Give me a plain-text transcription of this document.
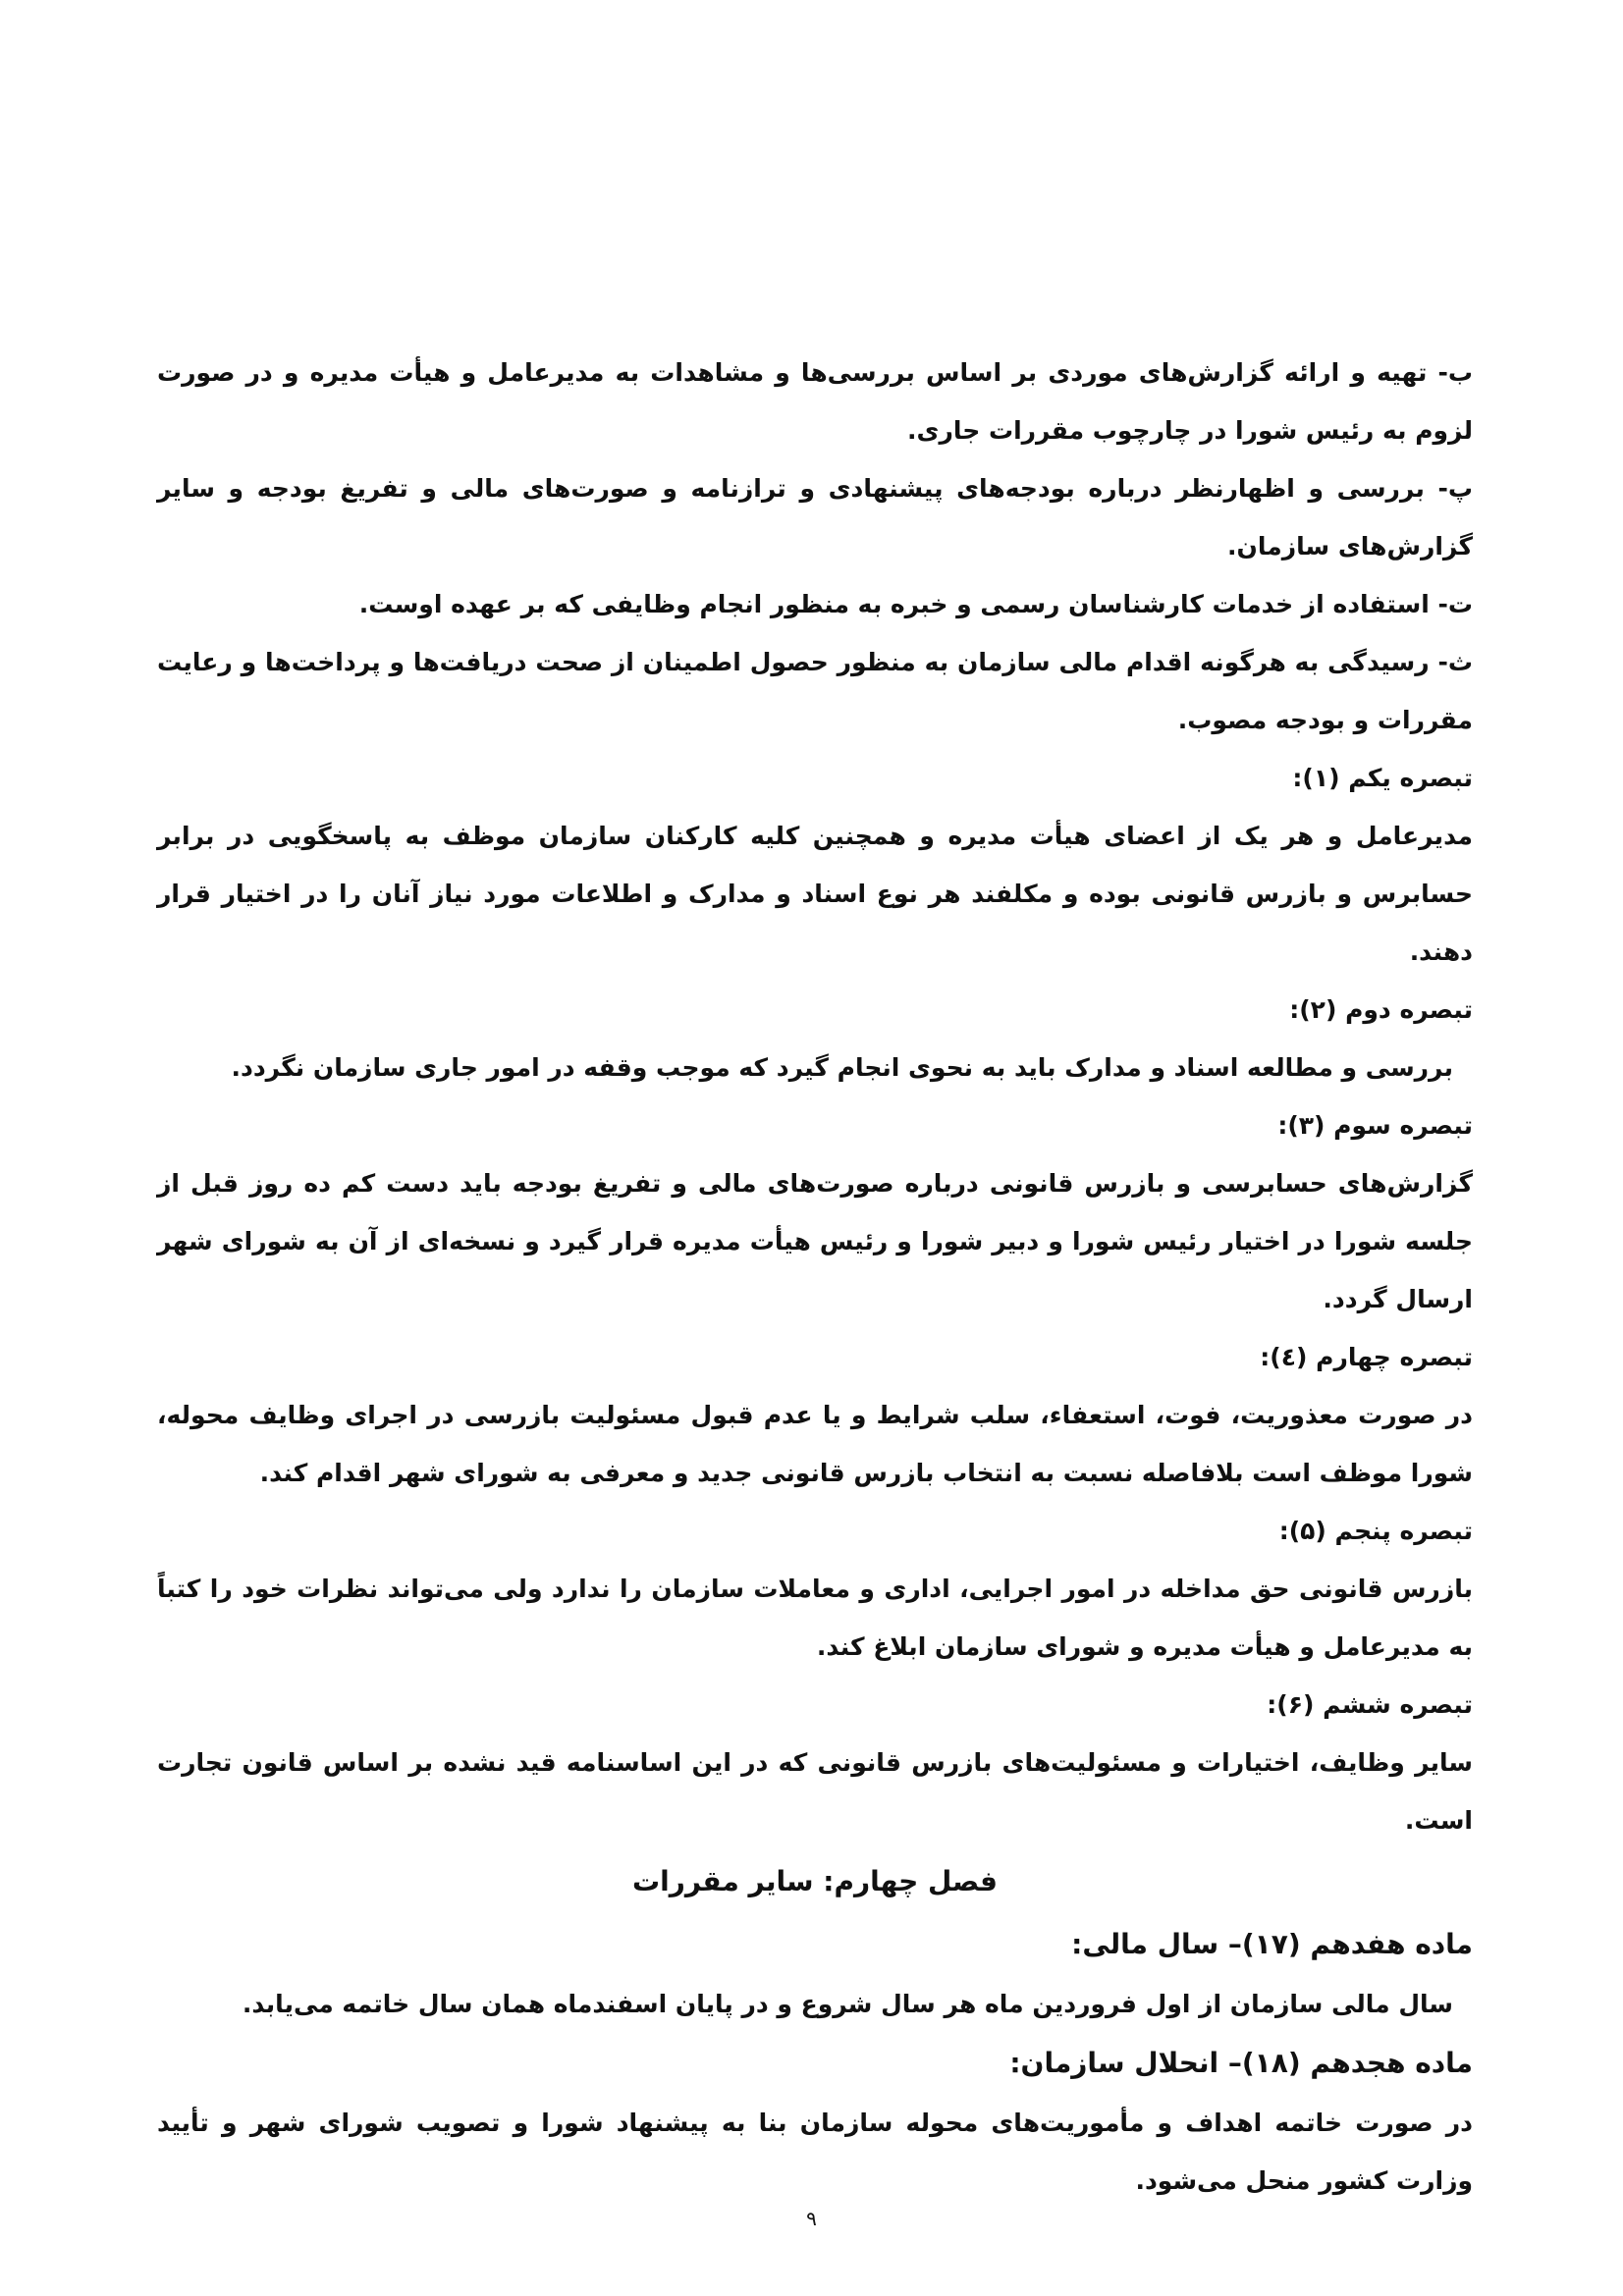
ب- تهیه و ارائه گزارش‌های موردی بر اساس بررسی‌ها و مشاهدات به مدیرعامل و هیأت مدیره و در صورت لزوم به رئیس شورا در چارچوب مقررات جاری.

پ- بررسی و اظهارنظر درباره بودجه‌های پیشنهادی و ترازنامه و صورت‌های مالی و تفریغ بودجه و سایر گزارش‌های سازمان.

ت- استفاده از خدمات کارشناسان رسمی و خبره به منظور انجام وظایفی که بر عهده اوست.

ث- رسیدگی به هرگونه اقدام مالی سازمان به منظور حصول اطمینان از صحت دریافت‌ها و پرداخت‌ها و رعایت مقررات و بودجه مصوب.

تبصره یکم (۱):

مدیرعامل و هر یک از اعضای هیأت مدیره و همچنین کلیه کارکنان سازمان موظف به پاسخگویی در برابر حسابرس و بازرس قانونی بوده و مکلفند هر نوع اسناد و مدارک و اطلاعات مورد نیاز آنان را در اختیار قرار دهند.

تبصره دوم (۲):

بررسی و مطالعه اسناد و مدارک باید به نحوی انجام گیرد که موجب وقفه در امور جاری سازمان نگردد.

تبصره سوم (۳):

گزارش‌های حسابرسی و بازرس قانونی درباره صورت‌های مالی و تفریغ بودجه باید دست کم ده روز قبل از جلسه شورا در اختیار رئیس شورا و دبیر شورا و رئیس هیأت مدیره قرار گیرد و نسخه‌ای از آن به شورای شهر ارسال گردد.

تبصره چهارم (٤):

در صورت معذوریت، فوت، استعفاء، سلب شرایط و یا عدم قبول مسئولیت بازرسی در اجرای وظایف محوله، شورا موظف است بلافاصله نسبت به انتخاب بازرس قانونی جدید و معرفی به شورای شهر اقدام کند.

تبصره پنجم (۵):

بازرس قانونی حق مداخله در امور اجرایی، اداری و معاملات سازمان را ندارد ولی می‌تواند نظرات خود را کتباً به مدیرعامل و هیأت مدیره و شورای سازمان ابلاغ کند.

تبصره ششم (۶):

سایر وظایف، اختیارات و مسئولیت‌های بازرس قانونی که در این اساسنامه قید نشده بر اساس قانون تجارت است.

فصل چهارم: سایر مقررات

ماده هفدهم (۱۷)– سال مالی:

سال مالی سازمان از اول فروردین ماه هر سال شروع و در پایان اسفندماه همان سال خاتمه می‌یابد.

ماده هجدهم (۱۸)– انحلال سازمان:

در صورت خاتمه اهداف و مأموریت‌های محوله سازمان بنا به پیشنهاد شورا و تصویب شورای شهر و تأیید وزارت کشور منحل می‌شود.

۹
